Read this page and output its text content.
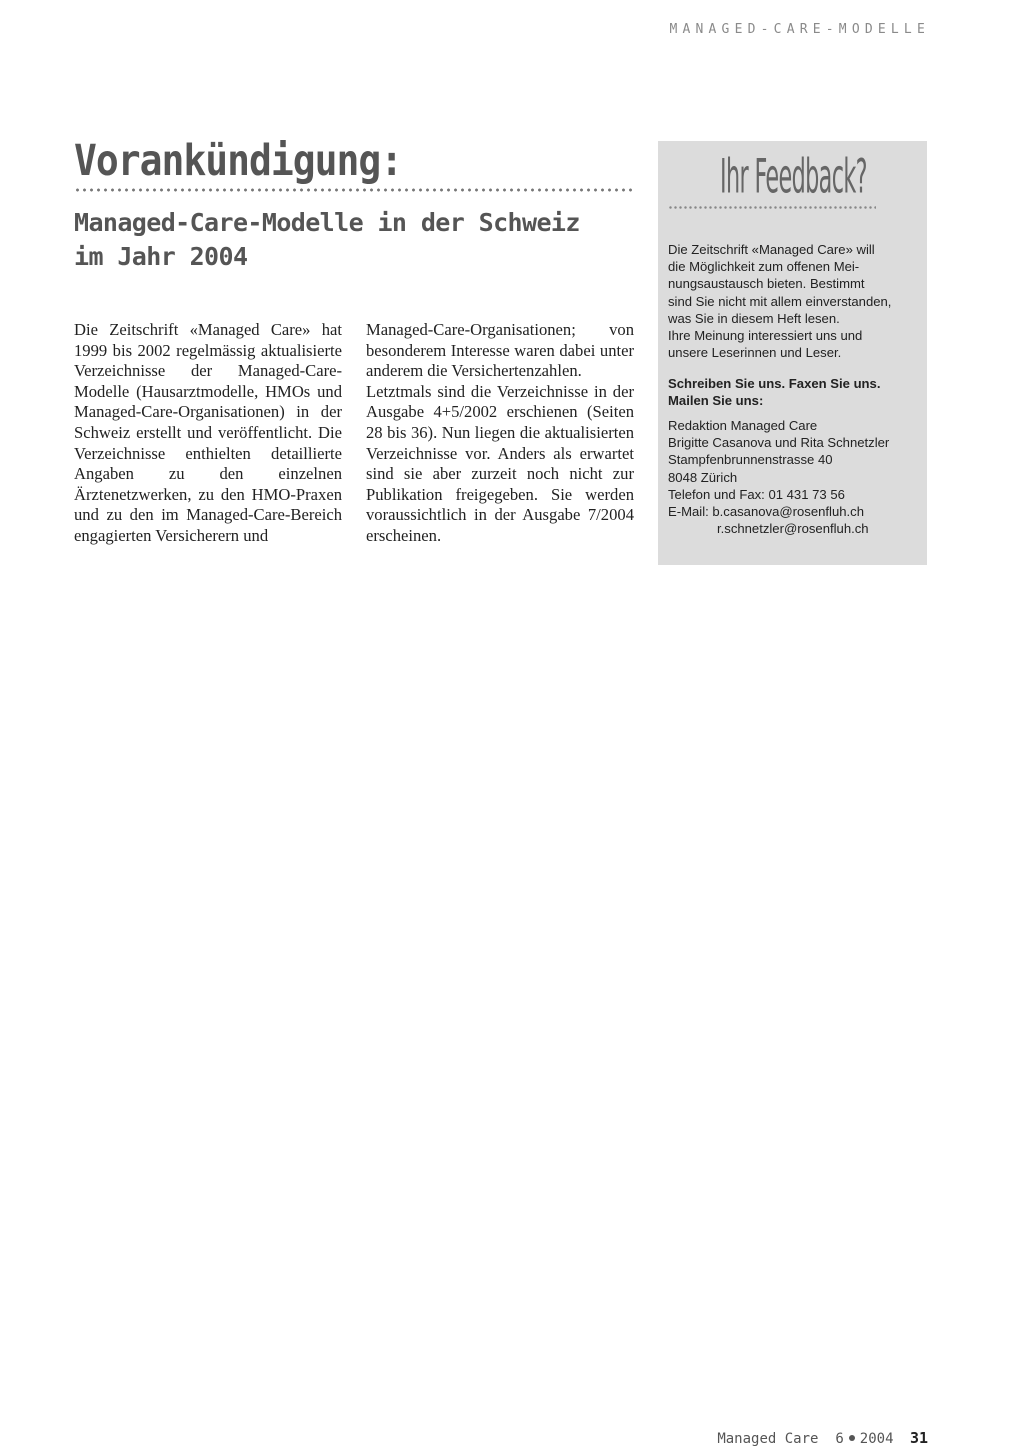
MANAGED-CARE-MODELLE
Vorankündigung:
Managed-Care-Modelle in der Schweiz
im Jahr 2004

Die Zeitschrift «Managed Care» hat 1999 bis 2002 regelmässig aktualisierte Verzeichnisse der Managed-Care-Modelle (Hausarztmodelle, HMOs und Managed-Care-Organisationen) in der Schweiz erstellt und veröffentlicht. Die Verzeichnisse enthielten detaillierte Angaben zu den einzelnen Ärztenetzwerken, zu den HMO-Praxen und zu den im Managed-Care-Bereich engagierten Versicherern und

Managed-Care-Organisationen; von besonderem Interesse waren dabei unter anderem die Versichertenzahlen.

Letztmals sind die Verzeichnisse in der Ausgabe 4+5/2002 erschienen (Seiten 28 bis 36). Nun liegen die aktualisierten Verzeichnisse vor. Anders als erwartet sind sie aber zurzeit noch nicht zur Publikation freigegeben. Sie werden voraussichtlich in der Ausgabe 7/2004 erscheinen.

Ihr Feedback?
Die Zeitschrift «Managed Care» will
die Möglichkeit zum offenen Mei-
nungsaustausch bieten. Bestimmt
sind Sie nicht mit allem einverstanden,
was Sie in diesem Heft lesen.
Ihre Meinung interessiert uns und
unsere Leserinnen und Leser.
Schreiben Sie uns. Faxen Sie uns.
Mailen Sie uns:
Redaktion Managed Care
Brigitte Casanova und Rita Schnetzler
Stampfenbrunnenstrasse 40
8048 Zürich
Telefon und Fax: 01 431 73 56
E-Mail: b.casanova@rosenfluh.ch
r.schnetzler@rosenfluh.ch
Managed Care 6 2004 31
